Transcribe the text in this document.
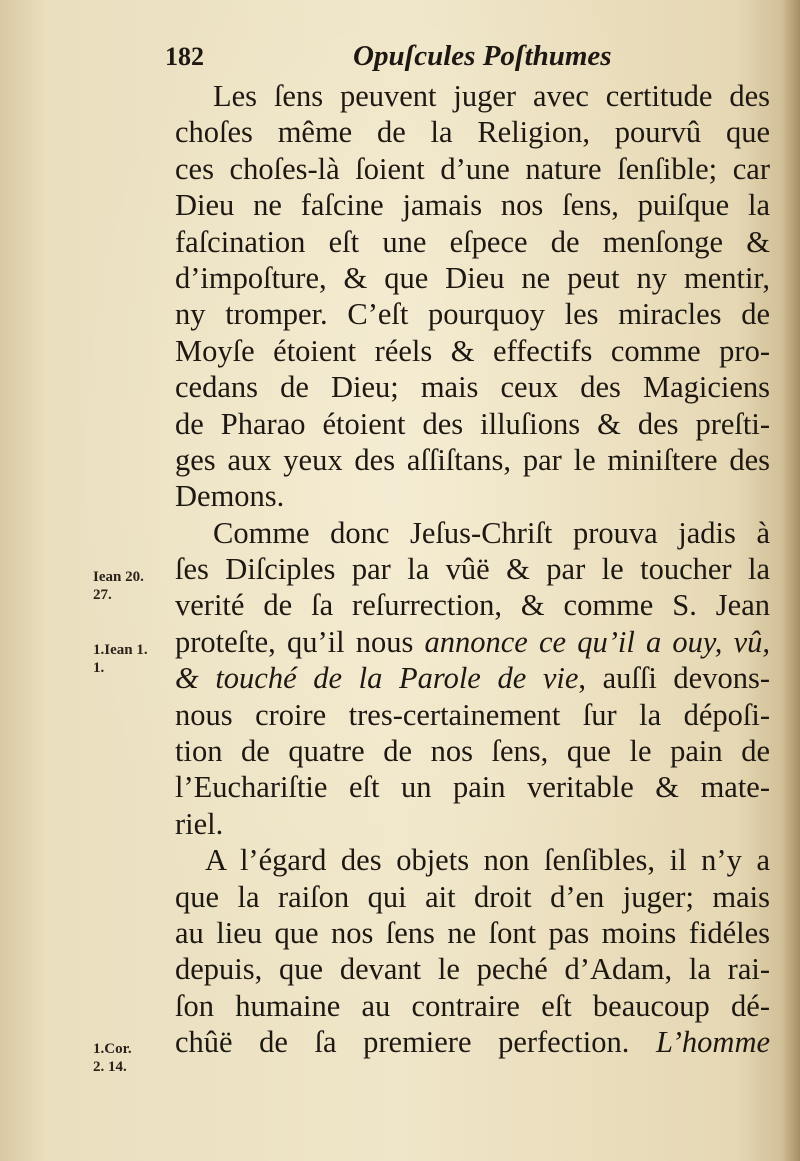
182	Opuſcules Poſthumes
Les ſens peuvent juger avec certitude des
choſes même de la Religion, pourvû que
ces choſes-là ſoient d’une nature ſenſible; car
Dieu ne faſcine jamais nos ſens, puiſque la
faſcination eſt une eſpece de menſonge &
d’impoſture, & que Dieu ne peut ny mentir,
ny tromper. C’eſt pourquoy les miracles de
Moyſe étoient réels & effectifs comme pro-
cedans de Dieu; mais ceux des Magiciens
de Pharao étoient des illuſions & des preſti-
ges aux yeux des aſſiſtans, par le miniſtere des
Demons.
Comme donc Jeſus-Chriſt prouva jadis à
ſes Diſciples par la vûë & par le toucher la
verité de ſa reſurrection, & comme S. Jean
proteſte, qu’il nous annonce ce qu’il a ouy, vû,
& touché de la Parole de vie, auſſi devons-
nous croire tres-certainement ſur la dépoſi-
tion de quatre de nos ſens, que le pain de
l’Euchariſtie eſt un pain veritable & mate-
riel.
A l’égard des objets non ſenſibles, il n’y a
que la raiſon qui ait droit d’en juger; mais
au lieu que nos ſens ne ſont pas moins fidéles
depuis, que devant le peché d’Adam, la rai-
ſon humaine au contraire eſt beaucoup dé-
chûë de ſa premiere perfection. L’homme
Iean 20.
27.
1.Iean 1.
1.
1.Cor.
2. 14.
